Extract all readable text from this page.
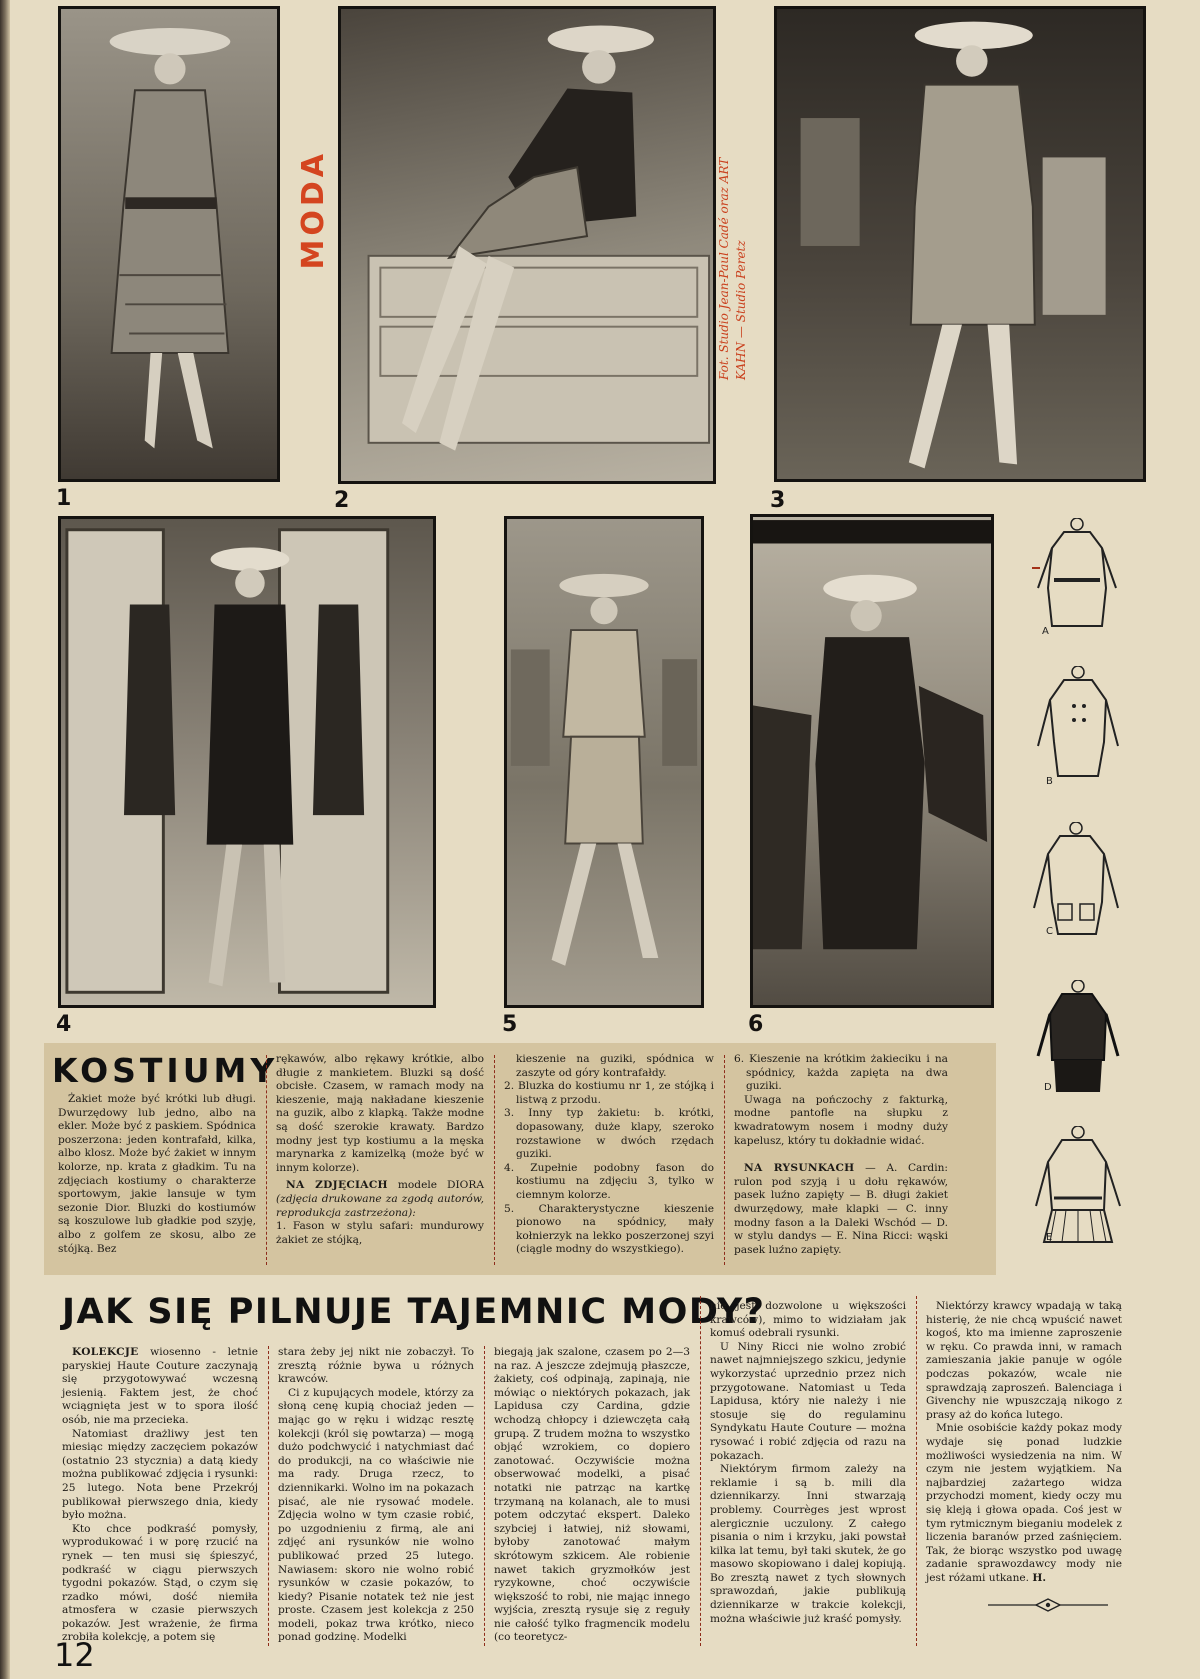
1
MODA
2
Fot. Studio Jean-Paul Cadé oraz ART KAHN — Studio Peretz
3
4	5	6
A
B
C
D
E
KOSTIUMY

Żakiet może być krótki lub długi. Dwurzędowy lub jedno, albo na ekler. Może być z paskiem. Spódnica poszerzona: jeden kontrafałd, kilka, albo klosz. Może być żakiet w innym kolorze, np. krata z gładkim. Tu na zdjęciach kostiumy o charakterze sportowym, jakie lansuje w tym sezonie Dior. Bluzki do kostiumów są koszulowe lub gładkie pod szyję, albo z golfem ze skosu, albo ze stójką. Bez

rękawów, albo rękawy krótkie, albo długie z mankietem. Bluzki są dość obcisłe. Czasem, w ramach mody na kieszenie, mają nakładane kieszenie na guzik, albo z klapką. Także modne są dość szerokie krawaty. Bardzo modny jest typ kostiumu a la męska marynarka z kamizelką (może być w innym kolorze).

NA ZDJĘCIACH modele DIORA (zdjęcia drukowane za zgodą autorów, reprodukcja zastrzeżona):

1. Fason w stylu safari: mundurowy żakiet ze stójką,

kieszenie na guziki, spódnica w zaszyte od góry kontrafałdy.

2. Bluzka do kostiumu nr 1, ze stójką i listwą z przodu.
3. Inny typ żakietu: b. krótki, dopasowany, duże klapy, szeroko rozstawione w dwóch rzędach guziki.
4. Zupełnie podobny fason do kostiumu na zdjęciu 3, tylko w ciemnym kolorze.
5. Charakterystyczne kieszenie pionowo na spódnicy, mały kołnierzyk na lekko poszerzonej szyi (ciągle modny do wszystkiego).
6. Kieszenie na krótkim żakieciku i na spódnicy, każda zapięta na dwa guziki.

Uwaga na pończochy z fakturką, modne pantofle na słupku z kwadratowym nosem i modny duży kapelusz, który tu dokładnie widać.

NA RYSUNKACH — A. Cardin: rulon pod szyją i u dołu rękawów, pasek luźno zapięty — B. długi żakiet dwurzędowy, małe klapki — C. inny modny fason a la Daleki Wschód — D. w stylu dandys — E. Nina Ricci: wąski pasek luźno zapięty.

JAK SIĘ PILNUJE TAJEMNIC MODY?

KOLEKCJE wiosenno - letnie paryskiej Haute Couture zaczynają się przygotowywać wczesną jesienią. Faktem jest, że choć wciągnięta jest w to spora ilość osób, nie ma przecieka.

Natomiast drażliwy jest ten miesiąc między zaczęciem pokazów (ostatnio 23 stycznia) a datą kiedy można publikować zdjęcia i rysunki: 25 lutego. Nota bene Przekrój publikował pierwszego dnia, kiedy było można.

Kto chce podkraść pomysły, wyprodukować i w porę rzucić na rynek — ten musi się śpieszyć, podkraść w ciągu pierwszych tygodni pokazów. Stąd, o czym się rzadko mówi, dość niemiła atmosfera w czasie pierwszych pokazów. Jest wrażenie, że firma zrobiła kolekcję, a potem się

stara żeby jej nikt nie zobaczył. To zresztą różnie bywa u różnych krawców.

Ci z kupujących modele, którzy za słoną cenę kupią chociaż jeden — mając go w ręku i widząc resztę kolekcji (król się powtarza) — mogą dużo podchwycić i natychmiast dać do produkcji, na co właściwie nie ma rady. Druga rzecz, to dziennikarki. Wolno im na pokazach pisać, ale nie rysować modele. Zdjęcia wolno w tym czasie robić, po uzgodnieniu z firmą, ale ani zdjęć ani rysunków nie wolno publikować przed 25 lutego. Nawiasem: skoro nie wolno robić rysunków w czasie pokazów, to kiedy? Pisanie notatek też nie jest proste. Czasem jest kolekcja z 250 modeli, pokaz trwa krótko, niecо ponad godzinę. Modelki

biegają jak szalone, czasem po 2—3 na raz. A jeszcze zdejmują płaszcze, żakiety, coś odpinają, zapinają, nie mówiąc o niektórych pokazach, jak Lapidusa czy Cardina, gdzie wchodzą chłopcy i dziewczęta całą grupą. Z trudem można to wszystko objąć wzrokiem, co dopiero zanotować. Oczywiście można obserwować modelki, a pisać notatki nie patrząc na kartkę trzymaną na kolanach, ale to musi potem odczytać ekspert. Dalеko szybciej i łatwiej, niż słowami, byłoby zanotować małym skrótowym szkicem. Ale robienie nawet takich gryzmołków jest ryzykowne, choć oczywiście większość to robi, nie mając innego wyjścia, zresztą rysuje się z reguły nie całość tylko fragmencik modelu (co teoretycz-

nie jest dozwolone u większości krawców), mimo to widziałam jak komuś odebrali rysunki.

U Niny Ricci nie wolno zrobić nawet najmniejszego szkicu, jedynie wykorzystać uprzednio przez nich przygotowane. Natomiast u Teda Lapidusa, który nie należy i nie stosuje się do regulaminu Syndykatu Haute Couture — można rysować i robić zdjęcia od razu na pokazach.

Niektórym firmom zależy na reklamie i są b. mili dla dziennikarzy. Inni stwarzają problemy. Courrèges jest wprost alergicznie uczulony. Z całego pisania o nim i krzyku, jaki powstał kilka lat temu, był taki skutek, że go masowo skopiowano i dalej kopiują. Bo zresztą nawet z tych słownych sprawozdań, jakie publikują dziennikarze w trakcie kolekcji, można właściwie już kraść pomysły.

Niektórzy krawcy wpadają w taką histerię, że nie chcą wpuścić nawet kogoś, kto ma imienne zaproszenie w ręku. Co prawda inni, w ramach zamieszania jakie panuje w ogóle podczas pokazów, wcale nie sprawdzają zaproszeń. Balenciaga i Givenchy nie wpuszczają nikogo z prasy aż do końca lutego.

Mnie osobiście każdy pokaz mody wydaje się ponad ludzkie możliwości wysiedzenia na nim. W czym nie jestem wyjątkiem. Na najbardziej zażartego widza przychodzi moment, kiedy oczy mu się kleją i głowa opada. Coś jest w tym rytmicznym bieganiu modelek z liczenia baranów przed zaśnięciem. Tak, że biorąc wszystko pod uwagę zadanie sprawozdawcy mody nie jest różami utkane. H.

12
